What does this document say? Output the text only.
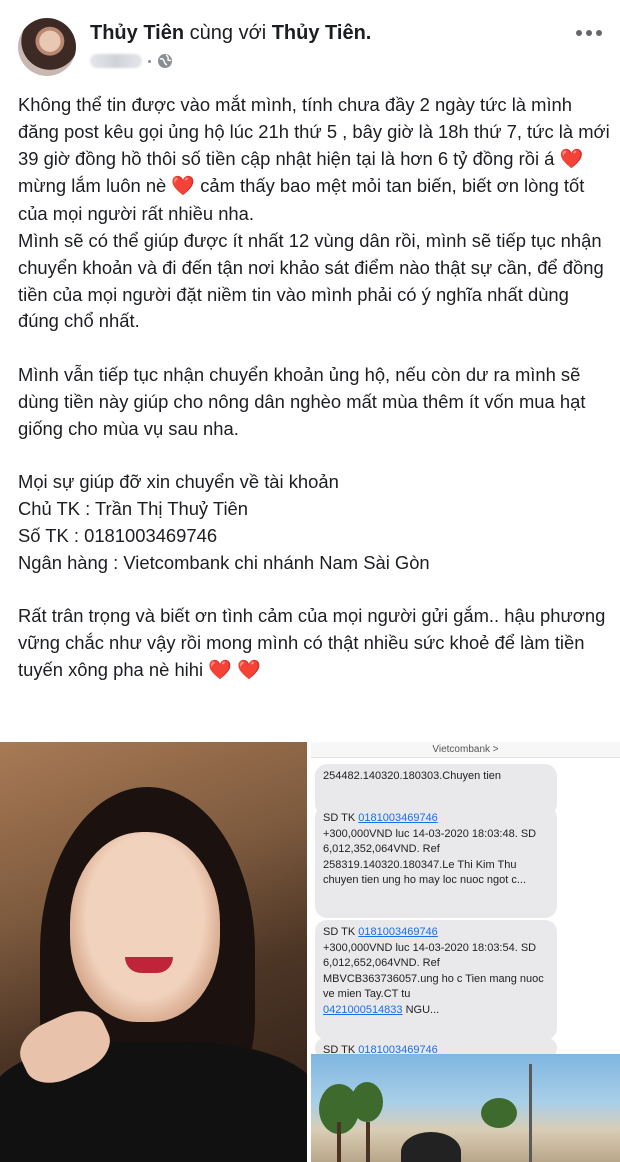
Thủy Tiên cùng với Thủy Tiên.

Không thể tin được vào mắt mình, tính chưa đầy 2 ngày tức là mình đăng post kêu gọi ủng hộ lúc 21h thứ 5 , bây giờ là 18h thứ 7, tức là mới 39 giờ đồng hồ thôi số tiền cập nhật hiện tại là hơn 6 tỷ đồng rồi á ❤️ mừng lắm luôn nè ❤️ cảm thấy bao mệt mỏi tan biến, biết ơn lòng tốt của mọi người rất nhiều nha.

Mình sẽ có thể giúp được ít nhất 12 vùng dân rồi, mình sẽ tiếp tục nhận chuyển khoản và đi đến tận nơi khảo sát điểm nào thật sự cần, để đồng tiền của mọi người đặt niềm tin vào mình phải có ý nghĩa nhất dùng đúng chổ nhất.

Mình vẫn tiếp tục nhận chuyển khoản ủng hộ, nếu còn dư ra mình sẽ dùng tiền này giúp cho nông dân nghèo mất mùa thêm ít vốn mua hạt giống cho mùa vụ sau nha.

Mọi sự giúp đỡ xin chuyển về tài khoản

Chủ TK : Trần Thị Thuỷ Tiên

Số TK : 0181003469746

Ngân hàng : Vietcombank chi nhánh Nam Sài Gòn

Rất trân trọng và biết ơn tình cảm của mọi người gửi gắm.. hậu phương vững chắc như vậy rồi mong mình có thật nhiều sức khoẻ để làm tiền tuyến xông pha nè hihi ❤️ ❤️

Vietcombank >
254482.140320.180303.Chuyen tien
SD TK 0181003469746
+300,000VND luc 14-03-2020 18:03:48. SD 6,012,352,064VND. Ref 258319.140320.180347.Le Thi Kim Thu chuyen tien ung ho may loc nuoc ngot c...
SD TK 0181003469746
+300,000VND luc 14-03-2020 18:03:54. SD 6,012,652,064VND. Ref MBVCB363736057.ung ho c Tien mang nuoc ve mien Tay.CT tu
0421000514833 NGU...
SD TK 0181003469746
